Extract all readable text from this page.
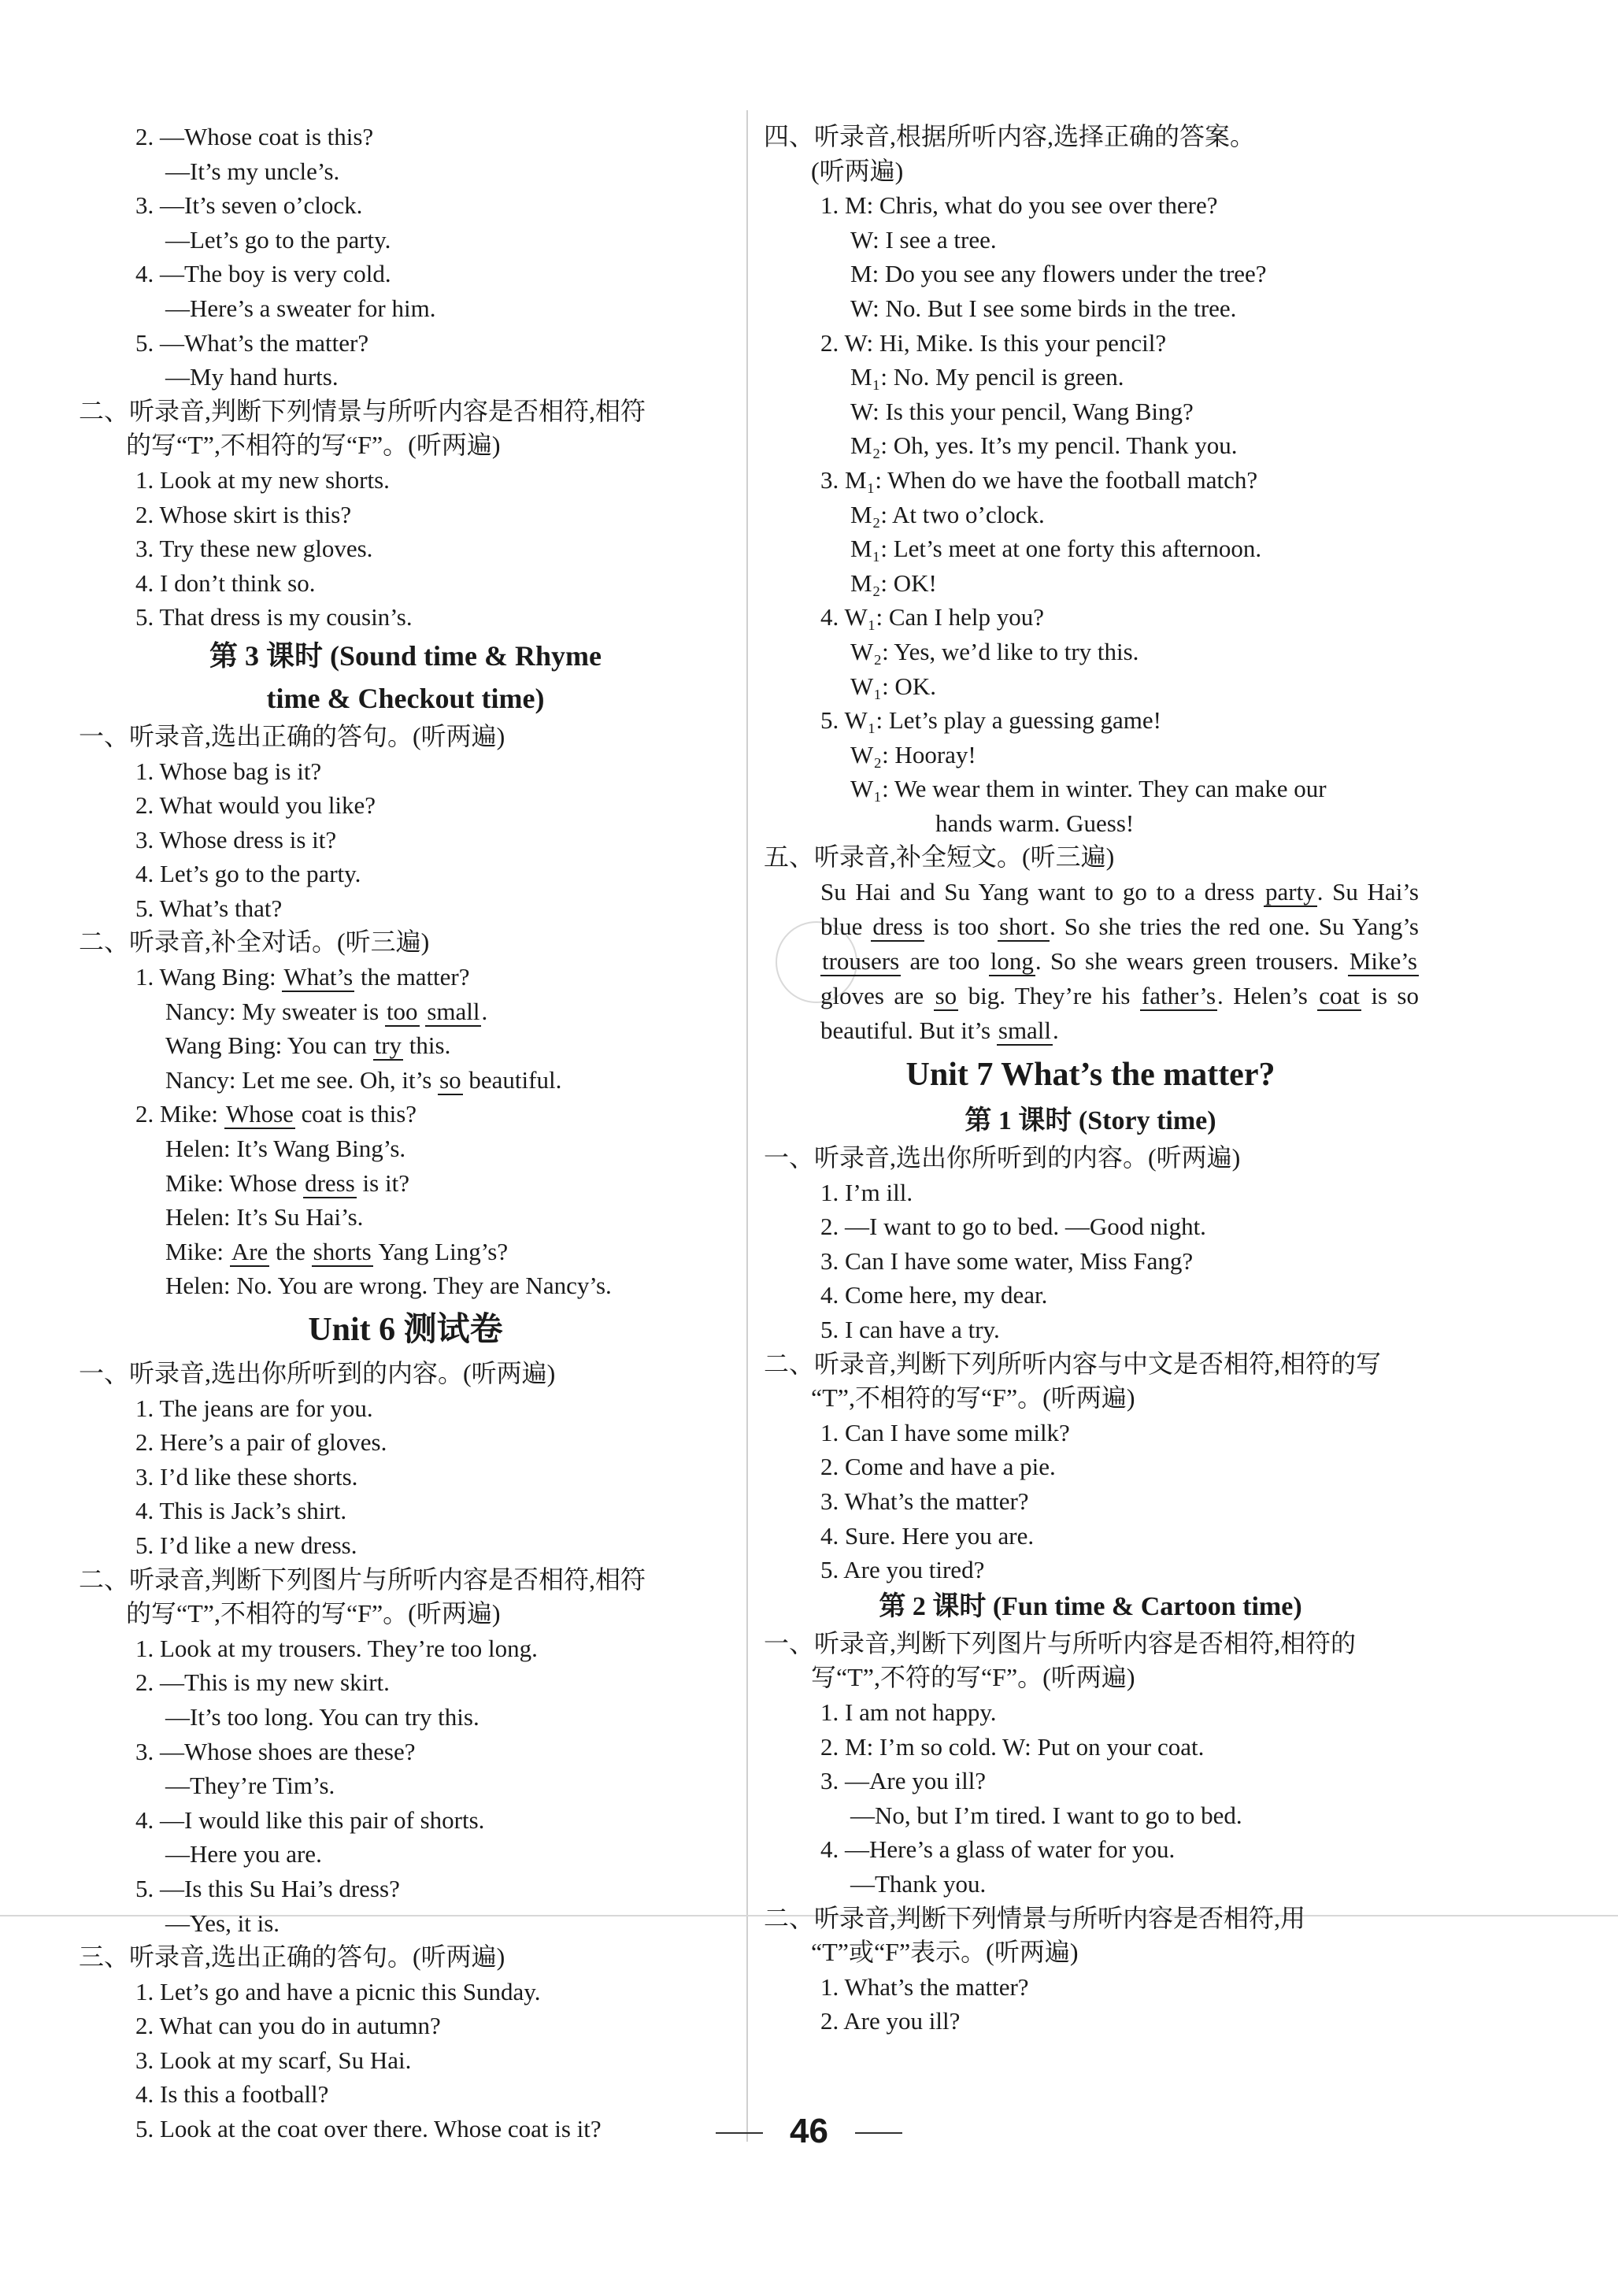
2. —Whose coat is this?
—It’s my uncle’s.
3. —It’s seven o’clock.
—Let’s go to the party.
4. —The boy is very cold.
—Here’s a sweater for him.
5. —What’s the matter?
—My hand hurts.
二、听录音,判断下列情景与所听内容是否相符,相符
的写“T”,不相符的写“F”。(听两遍)
1. Look at my new shorts.
2. Whose skirt is this?
3. Try these new gloves.
4. I don’t think so.
5. That dress is my cousin’s.
第 3 课时 (Sound time & Rhyme
time & Checkout time)
一、听录音,选出正确的答句。(听两遍)
1. Whose bag is it?
2. What would you like?
3. Whose dress is it?
4. Let’s go to the party.
5. What’s that?
二、听录音,补全对话。(听三遍)
1. Wang Bing: What’s the matter?
Nancy: My sweater is too small.
Wang Bing: You can try this.
Nancy: Let me see. Oh, it’s so beautiful.
2. Mike: Whose coat is this?
Helen: It’s Wang Bing’s.
Mike: Whose dress is it?
Helen: It’s Su Hai’s.
Mike: Are the shorts Yang Ling’s?
Helen: No. You are wrong. They are Nancy’s.
Unit 6 测试卷
一、听录音,选出你所听到的内容。(听两遍)
1. The jeans are for you.
2. Here’s a pair of gloves.
3. I’d like these shorts.
4. This is Jack’s shirt.
5. I’d like a new dress.
二、听录音,判断下列图片与所听内容是否相符,相符
的写“T”,不相符的写“F”。(听两遍)
1. Look at my trousers. They’re too long.
2. —This is my new skirt.
—It’s too long. You can try this.
3. —Whose shoes are these?
—They’re Tim’s.
4. —I would like this pair of shorts.
—Here you are.
5. —Is this Su Hai’s dress?
—Yes, it is.
三、听录音,选出正确的答句。(听两遍)
1. Let’s go and have a picnic this Sunday.
2. What can you do in autumn?
3. Look at my scarf, Su Hai.
4. Is this a football?
5. Look at the coat over there. Whose coat is it?
四、听录音,根据所听内容,选择正确的答案。
(听两遍)
1. M: Chris, what do you see over there?
W: I see a tree.
M: Do you see any flowers under the tree?
W: No. But I see some birds in the tree.
2. W: Hi, Mike. Is this your pencil?
M₁: No. My pencil is green.
W: Is this your pencil, Wang Bing?
M₂: Oh, yes. It’s my pencil. Thank you.
3. M₁: When do we have the football match?
M₂: At two o’clock.
M₁: Let’s meet at one forty this afternoon.
M₂: OK!
4. W₁: Can I help you?
W₂: Yes, we’d like to try this.
W₁: OK.
5. W₁: Let’s play a guessing game!
W₂: Hooray!
W₁: We wear them in winter. They can make our
hands warm. Guess!
五、听录音,补全短文。(听三遍)
Su Hai and Su Yang want to go to a dress party. Su Hai’s blue dress is too short. So she tries the red one. Su Yang’s trousers are too long. So she wears green trousers. Mike’s gloves are so big. They’re his father’s. Helen’s coat is so beautiful. But it’s small.
Unit 7 What’s the matter?
第 1 课时 (Story time)
一、听录音,选出你所听到的内容。(听两遍)
1. I’m ill.
2. —I want to go to bed. —Good night.
3. Can I have some water, Miss Fang?
4. Come here, my dear.
5. I can have a try.
二、听录音,判断下列所听内容与中文是否相符,相符的写
“T”,不相符的写“F”。(听两遍)
1. Can I have some milk?
2. Come and have a pie.
3. What’s the matter?
4. Sure. Here you are.
5. Are you tired?
第 2 课时 (Fun time & Cartoon time)
一、听录音,判断下列图片与所听内容是否相符,相符的
写“T”,不符的写“F”。(听两遍)
1. I am not happy.
2. M: I’m so cold. W: Put on your coat.
3. —Are you ill?
—No, but I’m tired. I want to go to bed.
4. —Here’s a glass of water for you.
—Thank you.
二、听录音,判断下列情景与所听内容是否相符,用
“T”或“F”表示。(听两遍)
1. What’s the matter?
2. Are you ill?
46
